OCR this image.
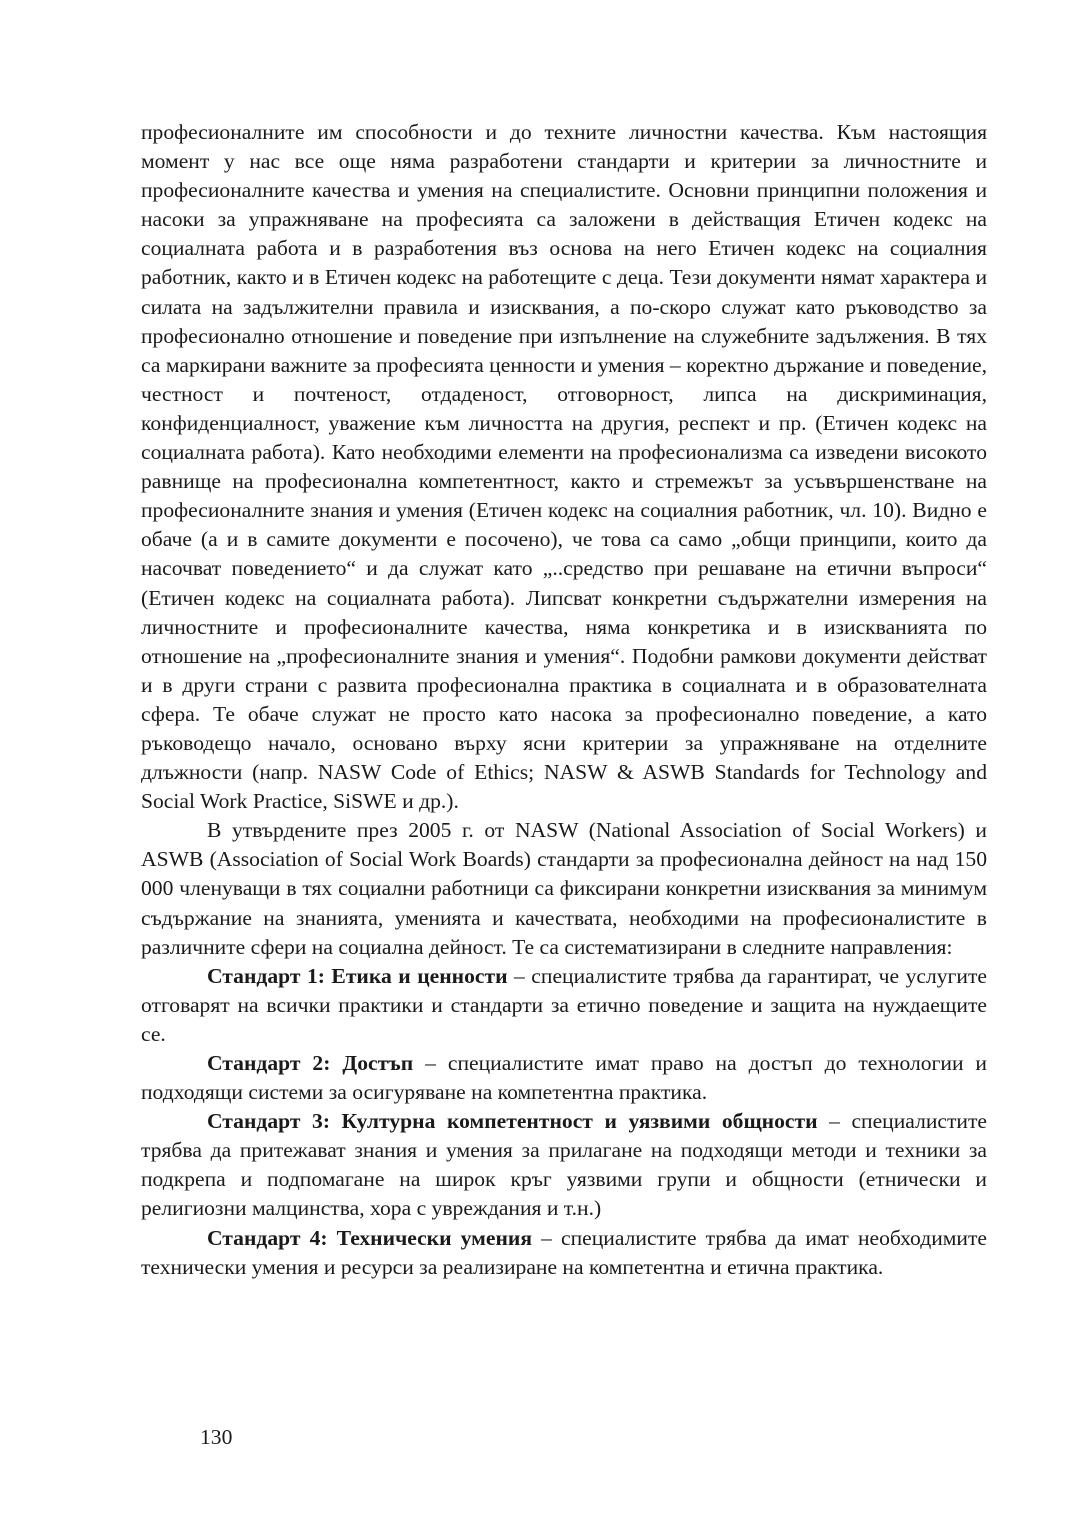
професионалните им способности и до техните личностни качества. Към настоящия момент у нас все още няма разработени стандарти и критерии за личностните и професионалните качества и умения на специалистите. Основни принципни положения и насоки за упражняване на професията са заложени в действащия Етичен кодекс на социалната работа и в разработения въз основа на него Етичен кодекс на социалния работник, както и в Етичен кодекс на работещите с деца. Тези документи нямат характера и силата на задължителни правила и изисквания, а по-скоро служат като ръководство за професионално отношение и поведение при изпълнение на служебните задължения. В тях са маркирани важните за професията ценности и умения – коректно държание и поведение, честност и почтеност, отдаденост, отговорност, липса на дискриминация, конфиденциалност, уважение към личността на другия, респект и пр. (Етичен кодекс на социалната работа). Като необходими елементи на професионализма са изведени високото равнище на професионална компетентност, както и стремежът за усъвършенстване на професионалните знания и умения (Етичен кодекс на социалния работник, чл. 10). Видно е обаче (а и в самите документи е посочено), че това са само „общи принципи, които да насочват поведението“ и да служат като „..средство при решаване на етични въпроси“ (Етичен кодекс на социалната работа). Липсват конкретни съдържателни измерения на личностните и професионалните качества, няма конкретика и в изискванията по отношение на „професионалните знания и умения“. Подобни рамкови документи действат и в други страни с развита професионална практика в социалната и в образователната сфера. Те обаче служат не просто като насока за професионално поведение, а като ръководещо начало, основано върху ясни критерии за упражняване на отделните длъжности (напр. NASW Code of Ethics; NASW & ASWB Standards for Technology and Social Work Practice, SiSWE и др.).

В утвърдените през 2005 г. от NASW (National Association of Social Workers) и ASWB (Association of Social Work Boards) стандарти за професионална дейност на над 150 000 членуващи в тях социални работници са фиксирани конкретни изисквания за минимум съдържание на знанията, уменията и качествата, необходими на професионалистите в различните сфери на социална дейност. Те са систематизирани в следните направления:

Стандарт 1: Етика и ценности – специалистите трябва да гарантират, че услугите отговарят на всички практики и стандарти за етично поведение и защита на нуждаещите се.

Стандарт 2: Достъп – специалистите имат право на достъп до технологии и подходящи системи за осигуряване на компетентна практика.

Стандарт 3: Културна компетентност и уязвими общности – специалистите трябва да притежават знания и умения за прилагане на подходящи методи и техники за подкрепа и подпомагане на широк кръг уязвими групи и общности (етнически и религиозни малцинства, хора с увреждания и т.н.)

Стандарт 4: Технически умения – специалистите трябва да имат необходимите технически умения и ресурси за реализиране на компетентна и етична практика.

130
